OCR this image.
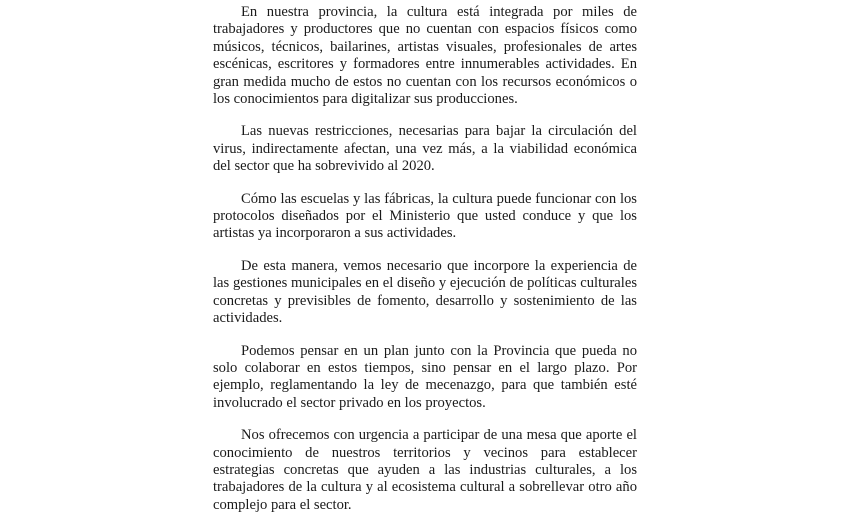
En nuestra provincia, la cultura está integrada por miles de trabajadores y productores que no cuentan con espacios físicos como músicos, técnicos, bailarines, artistas visuales, profesionales de artes escénicas, escritores y formadores entre innumerables actividades. En gran medida mucho de estos no cuentan con los recursos económicos o los conocimientos para digitalizar sus producciones.

Las nuevas restricciones, necesarias para bajar la circulación del virus, indirectamente afectan, una vez más, a la viabilidad económica del sector que ha sobrevivido al 2020.

Cómo las escuelas y las fábricas, la cultura puede funcionar con los protocolos diseñados por el Ministerio que usted conduce y que los artistas ya incorporaron a sus actividades.

De esta manera, vemos necesario que incorpore la experiencia de las gestiones municipales en el diseño y ejecución de políticas culturales concretas y previsibles de fomento, desarrollo y sostenimiento de las actividades.

Podemos pensar en un plan junto con la Provincia que pueda no solo colaborar en estos tiempos, sino pensar en el largo plazo. Por ejemplo, reglamentando la ley de mecenazgo, para que también esté involucrado el sector privado en los proyectos.

Nos ofrecemos con urgencia a participar de una mesa que aporte el conocimiento de nuestros territorios y vecinos para establecer estrategias concretas que ayuden a las industrias culturales, a los trabajadores de la cultura y al ecosistema cultural a sobrellevar otro año complejo para el sector.
